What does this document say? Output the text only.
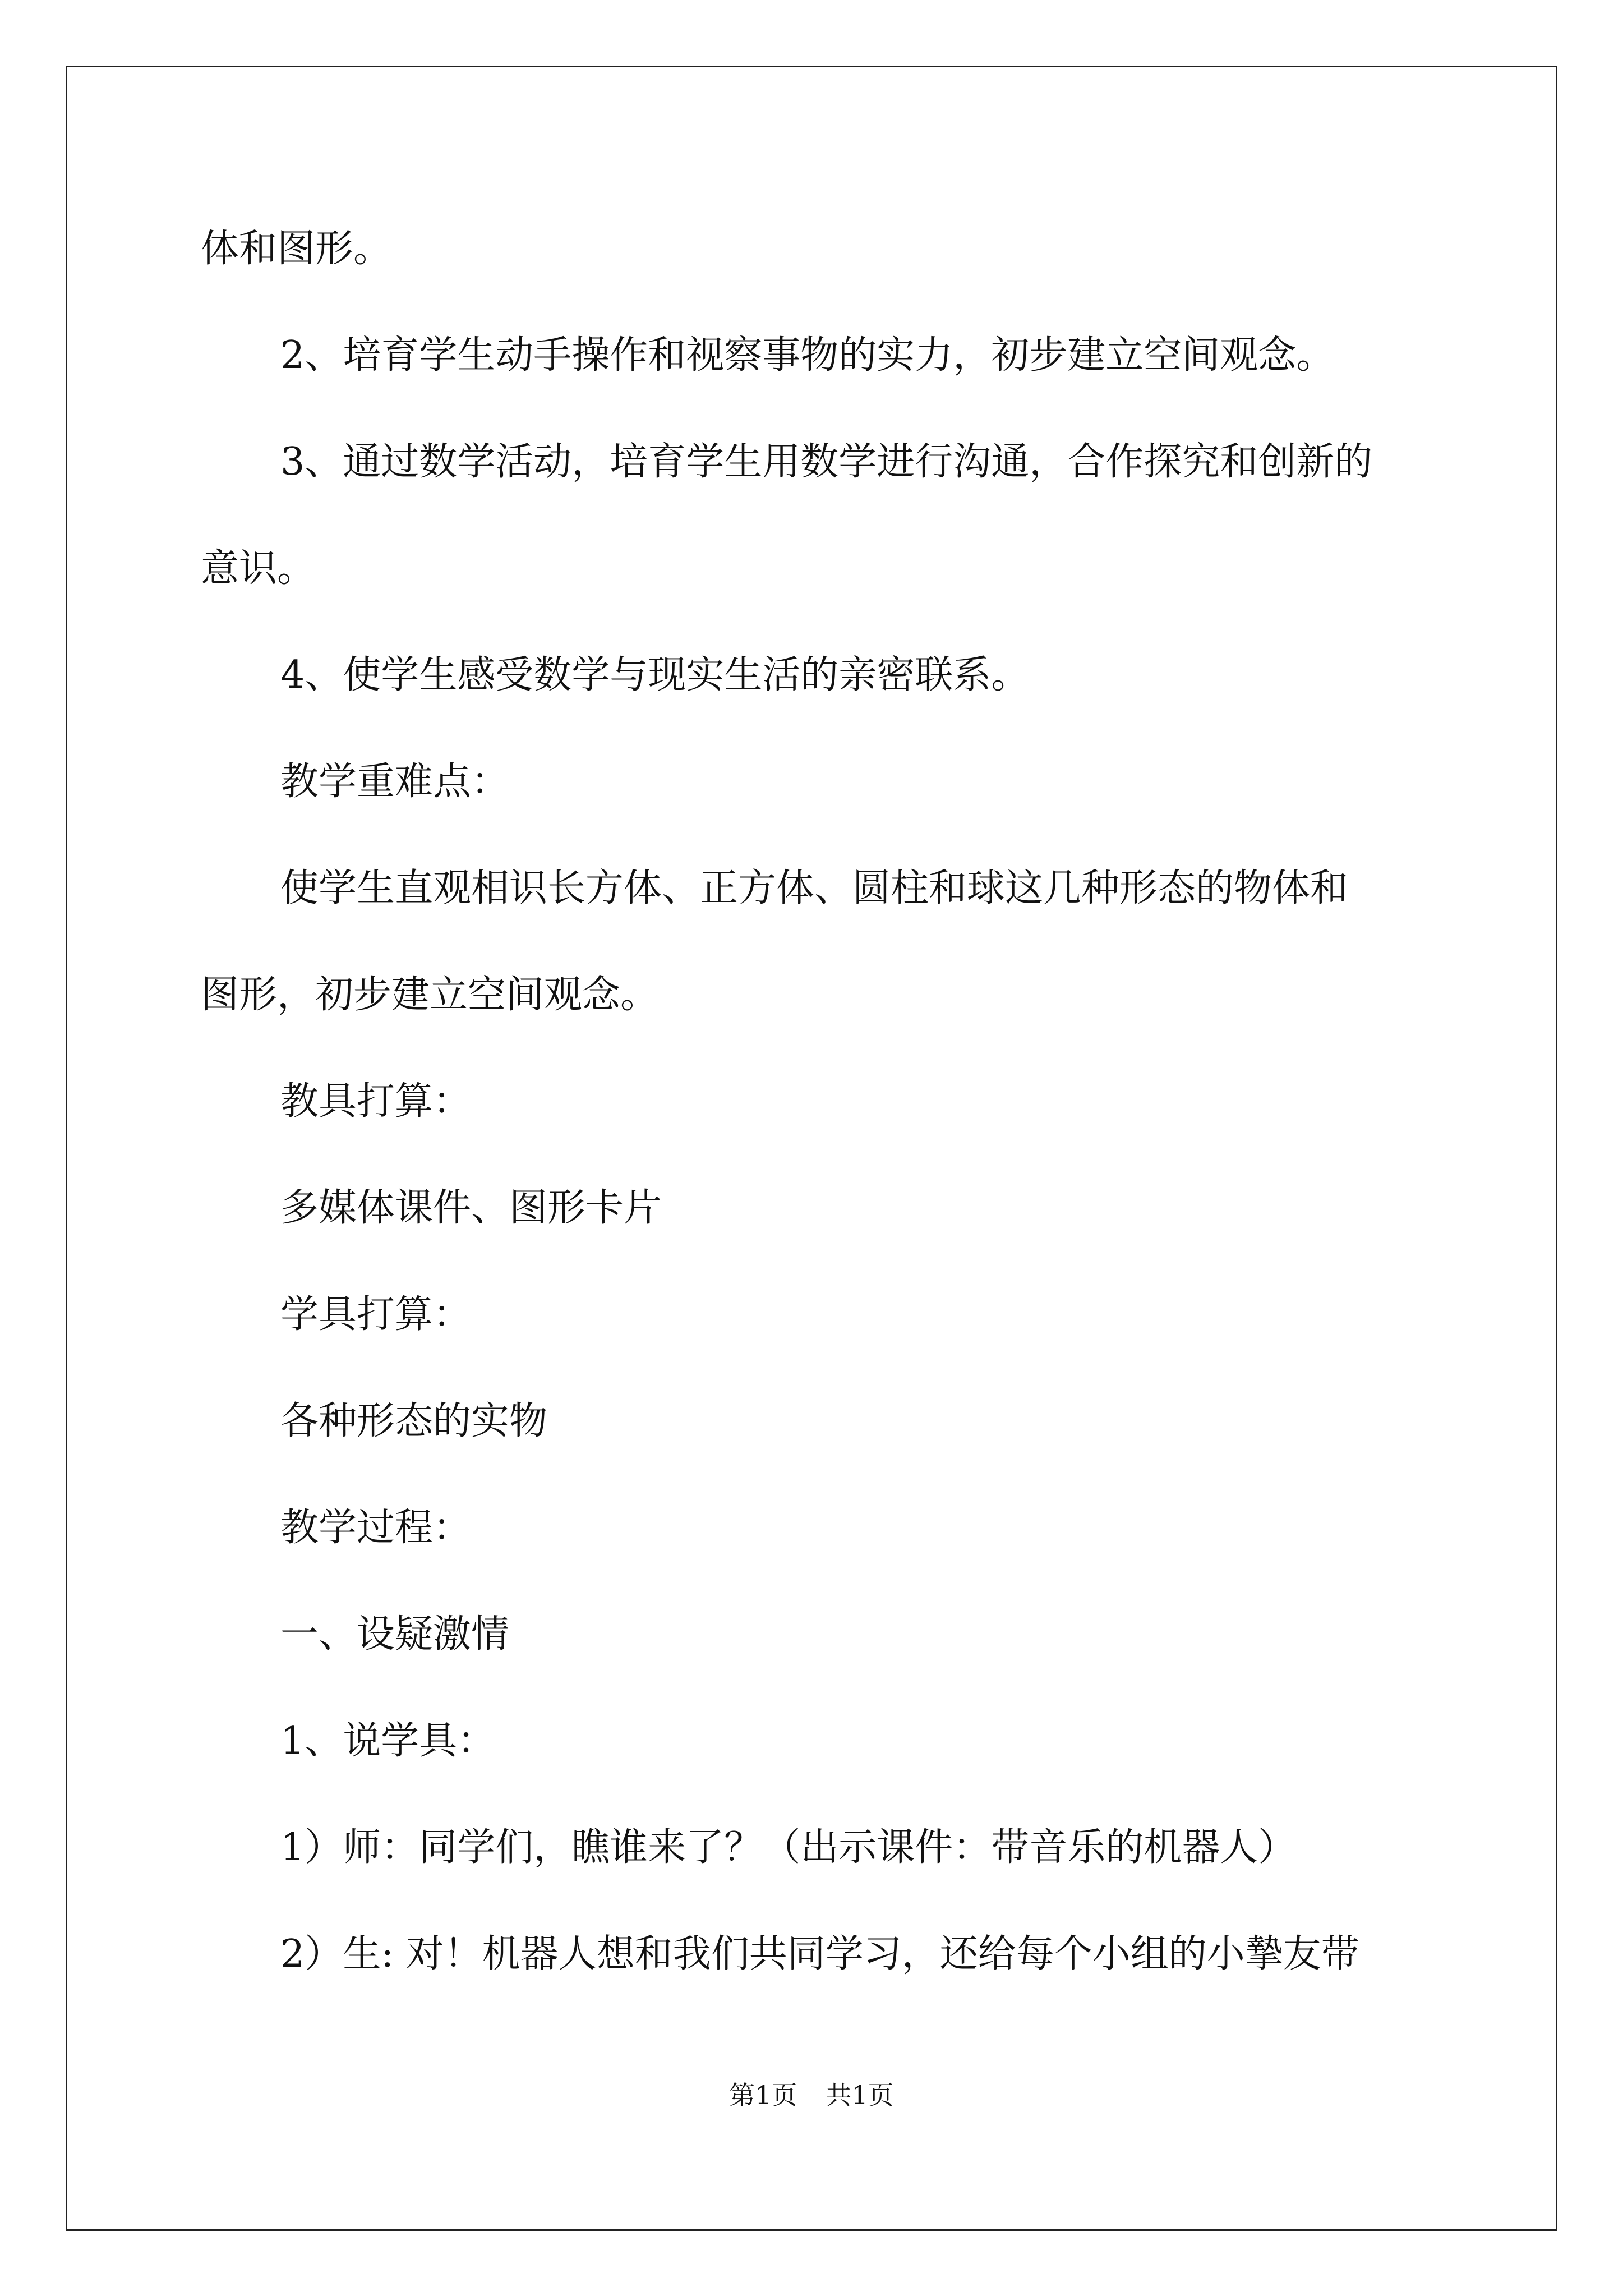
体和图形。
2、培育学生动手操作和视察事物的实力，初步建立空间观念。
3、通过数学活动，培育学生用数学进行沟通，合作探究和创新的
意识。
4、使学生感受数学与现实生活的亲密联系。
教学重难点：
使学生直观相识长方体、正方体、圆柱和球这几种形态的物体和
图形，初步建立空间观念。
教具打算：
多媒体课件、图形卡片
学具打算：
各种形态的实物
教学过程：
一、设疑激情
1、说学具：
1）师：同学们，瞧谁来了？（出示课件：带音乐的机器人）
2）生: 对！机器人想和我们共同学习，还给每个小组的小摯友带
第1页 共1页
